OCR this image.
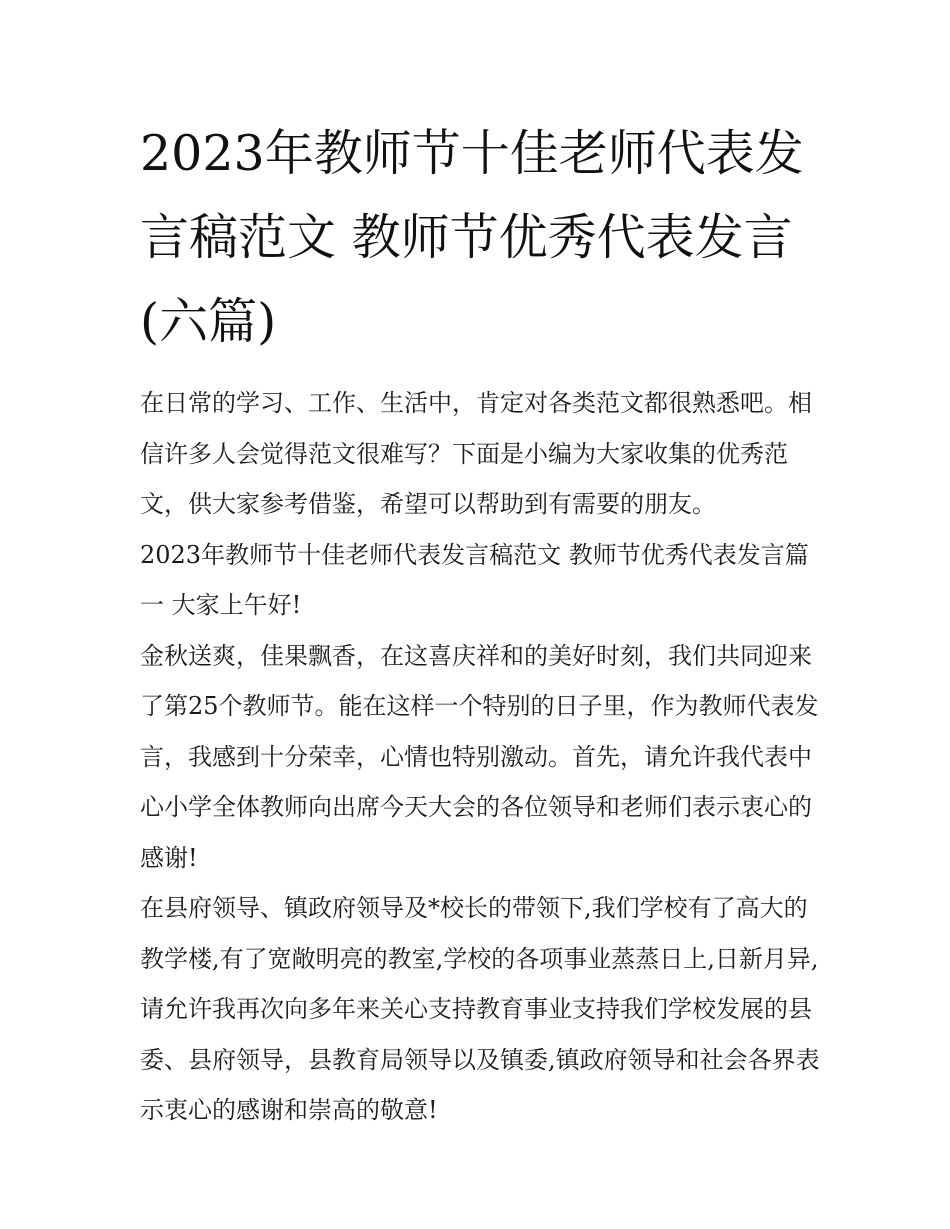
2023年教师节十佳老师代表发言稿范文 教师节优秀代表发言(六篇)

在日常的学习、工作、生活中，肯定对各类范文都很熟悉吧。相信许多人会觉得范文很难写？下面是小编为大家收集的优秀范文，供大家参考借鉴，希望可以帮助到有需要的朋友。

2023年教师节十佳老师代表发言稿范文 教师节优秀代表发言篇一 大家上午好!

金秋送爽，佳果飘香，在这喜庆祥和的美好时刻，我们共同迎来了第25个教师节。能在这样一个特别的日子里，作为教师代表发言，我感到十分荣幸，心情也特别激动。首先，请允许我代表中心小学全体教师向出席今天大会的各位领导和老师们表示衷心的感谢!

在县府领导、镇政府领导及*校长的带领下,我们学校有了高大的教学楼,有了宽敞明亮的教室,学校的各项事业蒸蒸日上,日新月异,请允许我再次向多年来关心支持教育事业支持我们学校发展的县委、县府领导，县教育局领导以及镇委,镇政府领导和社会各界表示衷心的感谢和崇高的敬意!
